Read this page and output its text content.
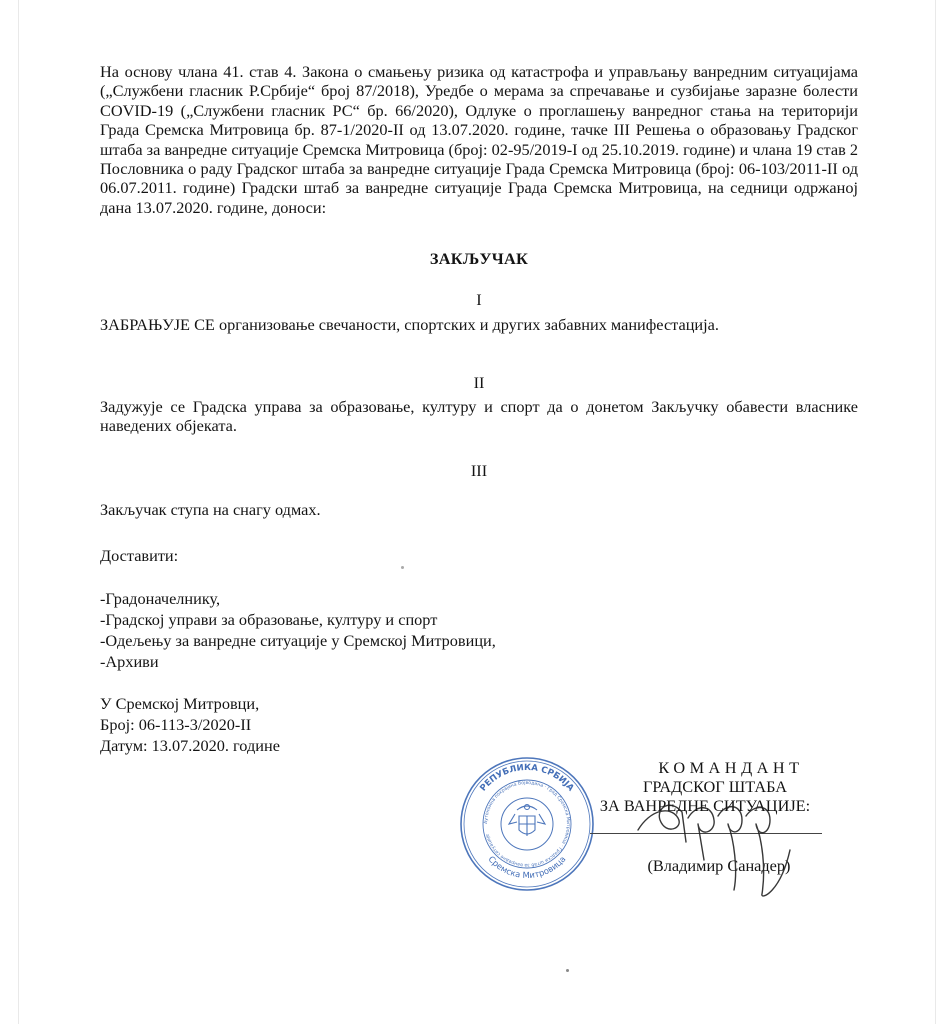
На основу члана 41. став 4. Закона о смањењу ризика од катастрофа и управљању ванредним ситуацијама („Службени гласник Р.Србије“ број 87/2018), Уредбе о мерама за спречавање и сузбијање заразне болести COVID-19 („Службени гласник РС“ бр. 66/2020), Одлуке о проглашењу ванредног стања на територији Града Сремска Митровица бр. 87-1/2020-II од 13.07.2020. године, тачке III Решења о образовању Градског штаба за ванредне ситуације Сремска Митровица (број: 02-95/2019-I од 25.10.2019. године) и члана 19 став 2 Пословника о раду Градског штаба за ванредне ситуације Града Сремска Митровица (број: 06-103/2011-II од 06.07.2011. године) Градски штаб за ванредне ситуације Града Сремска Митровица, на седници одржаној дана 13.07.2020. године, доноси:

ЗАКЉУЧАК
I

ЗАБРАЊУЈЕ СЕ организовање свечаности, спортских и других забавних манифестација.

II

Задужује се Градска управа за образовање, културу и спорт да о донетом Закључку обавести власнике наведених објеката.

III
Закључак ступа на снагу одмах.
Доставити:
-Градоначелнику,
-Градској управи за образовање, културу и спорт
-Одељењу за ванредне ситуације у Сремској Митровици,
-Архиви
У Сремској Митровци,
Број: 06-113-3/2020-II
Датум: 13.07.2020. године
РЕПУБЛИКА СРБИЈА
Аутономна покрајина Војводина · Град Сремска Митровица · Градски штаб за ванредне ситуације
Сремска Митровица
КОМАНДАНТ
ГРАДСКОГ ШТАБА
ЗА ВАНРЕДНЕ СИТУАЦИЈЕ:
(Владимир Санадер)
